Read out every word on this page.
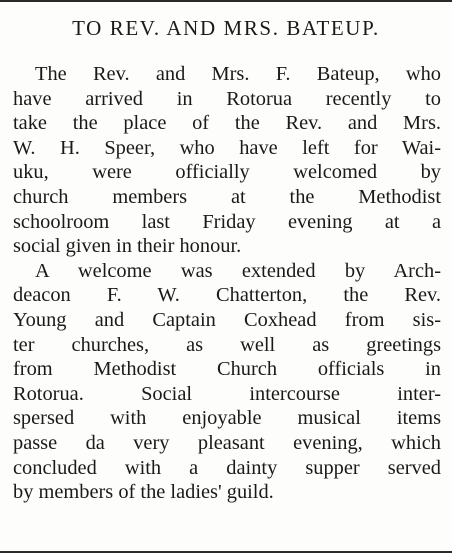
TO REV. AND MRS. BATEUP.
The Rev. and Mrs. F. Bateup, who
have arrived in Rotorua recently to
take the place of the Rev. and Mrs.
W. H. Speer, who have left for Wai-
uku, were officially welcomed by
church members at the Methodist
schoolroom last Friday evening at a
social given in their honour.
A welcome was extended by Arch-
deacon F. W. Chatterton, the Rev.
Young and Captain Coxhead from sis-
ter churches, as well as greetings
from Methodist Church officials in
Rotorua. Social intercourse inter-
spersed with enjoyable musical items
passe da very pleasant evening, which
concluded with a dainty supper served
by members of the ladies' guild.
